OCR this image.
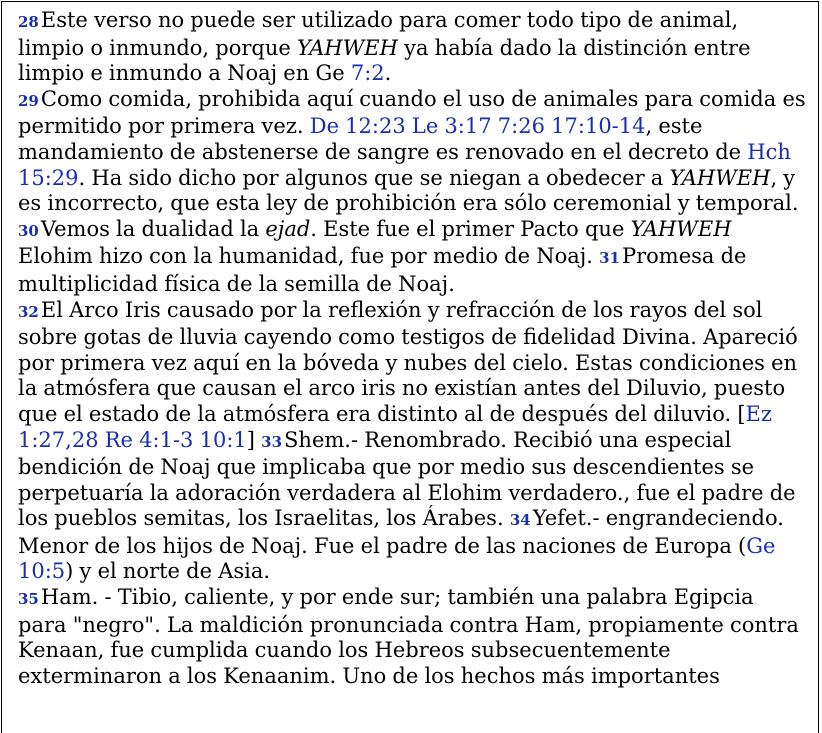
28Este verso no puede ser utilizado para comer todo tipo de animal, limpio o inmundo, porque YAHWEH ya había dado la distinción entre limpio e inmundo a Noaj en Ge 7:2.
29Como comida, prohibida aquí cuando el uso de animales para comida es permitido por primera vez. De 12:23 Le 3:17 7:26 17:10-14, este mandamiento de abstenerse de sangre es renovado en el decreto de Hch 15:29. Ha sido dicho por algunos que se niegan a obedecer a YAHWEH, y es incorrecto, que esta ley de prohibición era sólo ceremonial y temporal.
30Vemos la dualidad la ejad. Este fue el primer Pacto que YAHWEH Elohim hizo con la humanidad, fue por medio de Noaj. 31Promesa de multiplicidad física de la semilla de Noaj.
32El Arco Iris causado por la reflexión y refracción de los rayos del sol sobre gotas de lluvia cayendo como testigos de fidelidad Divina. Apareció por primera vez aquí en la bóveda y nubes del cielo. Estas condiciones en la atmósfera que causan el arco iris no existían antes del Diluvio, puesto que el estado de la atmósfera era distinto al de después del diluvio. [Ez 1:27,28 Re 4:1-3 10:1] 33Shem.- Renombrado. Recibió una especial bendición de Noaj que implicaba que por medio sus descendientes se perpetuaría la adoración verdadera al Elohim verdadero., fue el padre de los pueblos semitas, los Israelitas, los Árabes. 34Yefet.- engrandeciendo. Menor de los hijos de Noaj. Fue el padre de las naciones de Europa (Ge 10:5) y el norte de Asia.
35Ham. - Tibio, caliente, y por ende sur; también una palabra Egipcia para "negro". La maldición pronunciada contra Ham, propiamente contra Kenaan, fue cumplida cuando los Hebreos subsecuentemente exterminaron a los Kenaanim. Uno de los hechos más importantes
